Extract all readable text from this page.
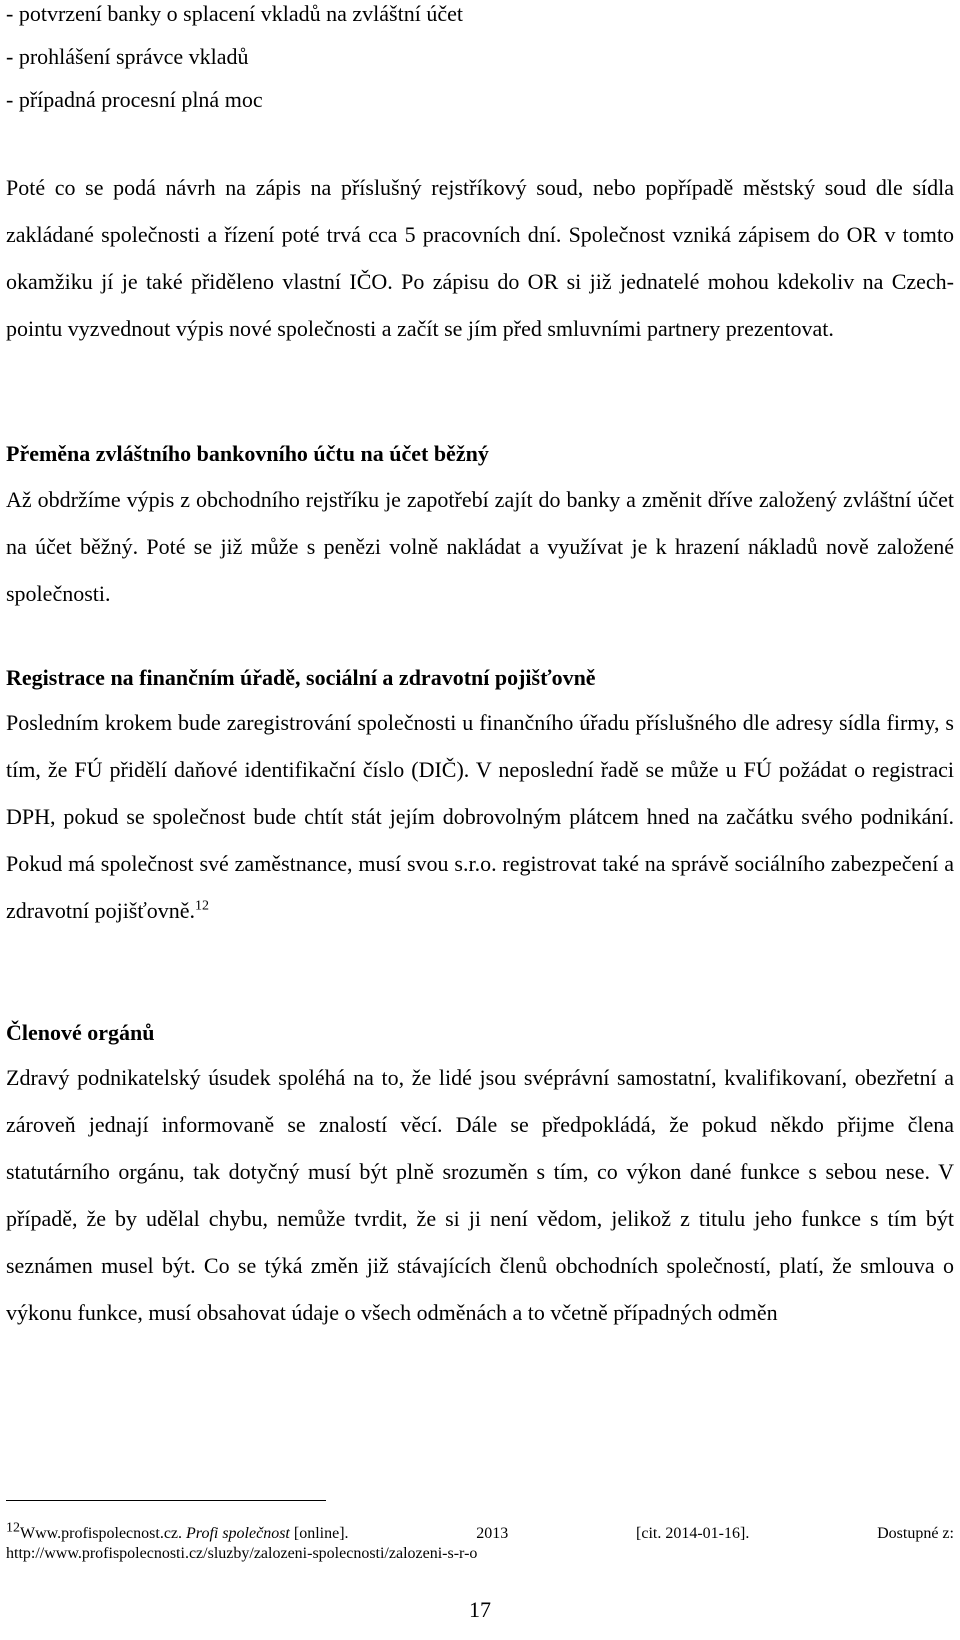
- potvrzení banky o splacení vkladů na zvláštní účet
- prohlášení správce vkladů
- případná procesní plná moc

Poté co se podá návrh na zápis na příslušný rejstříkový soud, nebo popřípadě městský soud dle sídla zakládané společnosti a řízení poté trvá cca 5 pracovních dní. Společnost vzniká zápisem do OR v tomto okamžiku jí je také přiděleno vlastní IČO. Po zápisu do OR si již jednatelé mohou kdekoliv na Czech-pointu vyzvednout výpis nové společnosti a začít se jím před smluvními partnery prezentovat.

Přeměna zvláštního bankovního účtu na účet běžný

Až obdržíme výpis z obchodního rejstříku je zapotřebí zajít do banky a změnit dříve založený zvláštní účet na účet běžný. Poté se již může s penězi volně nakládat a využívat je k hrazení nákladů nově založené společnosti.

Registrace na finančním úřadě, sociální a zdravotní pojišťovně

Posledním krokem bude zaregistrování společnosti u finančního úřadu příslušného dle adresy sídla firmy, s tím, že FÚ přidělí daňové identifikační číslo (DIČ). V neposlední řadě se může u FÚ požádat o registraci DPH, pokud se společnost bude chtít stát jejím dobrovolným plátcem hned na začátku svého podnikání. Pokud má společnost své zaměstnance, musí svou s.r.o. registrovat také na správě sociálního zabezpečení a zdravotní pojišťovně.$^{12}$

Členové orgánů

Zdravý podnikatelský úsudek spoléhá na to, že lidé jsou svéprávní samostatní, kvalifikovaní, obezřetní a zároveň jednají informovaně se znalostí věcí. Dále se předpokládá, že pokud někdo přijme člena statutárního orgánu, tak dotyčný musí být plně srozuměn s tím, co výkon dané funkce s sebou nese. V případě, že by udělal chybu, nemůže tvrdit, že si ji není vědom, jelikož z titulu jeho funkce s tím být seznámen musel být. Co se týká změn již stávajících členů obchodních společností, platí, že smlouva o výkonu funkce, musí obsahovat údaje o všech odměnách a to včetně případných odměn

$^{12}$Www.profispolecnost.cz. Profi společnost [online].	2013	[cit. 2014-01-16].	Dostupné z:
http://www.profispolecnosti.cz/sluzby/zalozeni-spolecnosti/zalozeni-s-r-o
17
